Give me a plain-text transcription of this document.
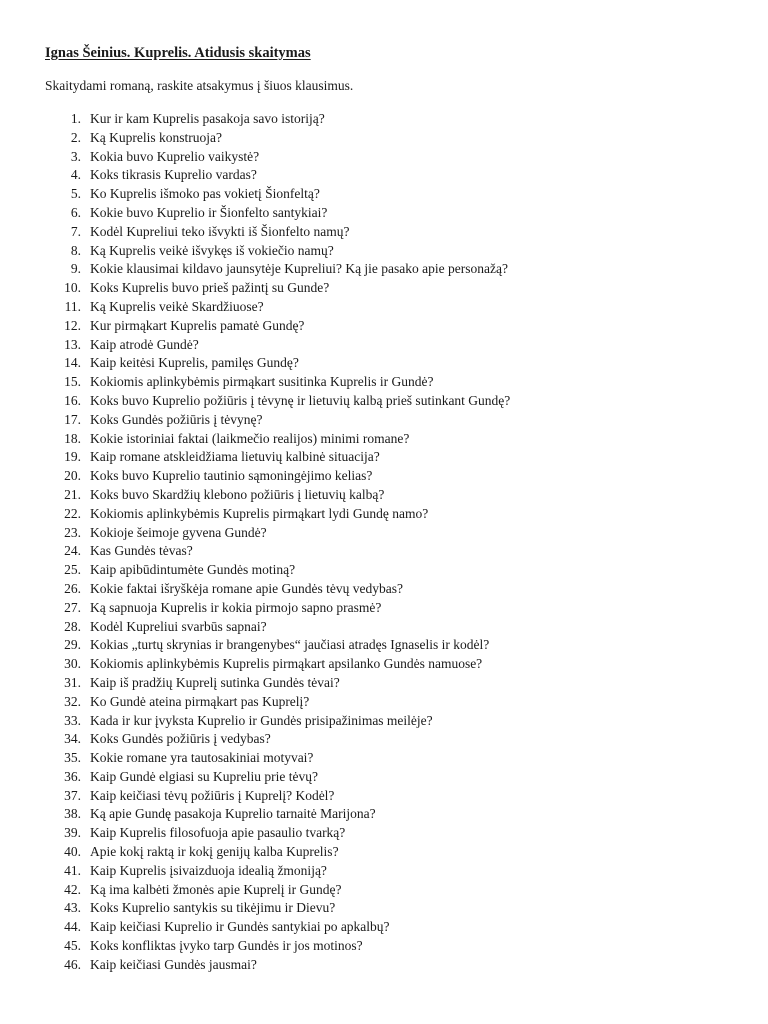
Ignas Šeinius. Kuprelis. Atidusis skaitymas
Skaitydami romaną, raskite atsakymus į šiuos klausimus.
1. Kur ir kam Kuprelis pasakoja savo istoriją?
2. Ką Kuprelis konstruoja?
3. Kokia buvo Kuprelio vaikystė?
4. Koks tikrasis Kuprelio vardas?
5. Ko Kuprelis išmoko pas vokietį Šionfeltą?
6. Kokie buvo Kuprelio ir Šionfelto santykiai?
7. Kodėl Kupreliui teko išvykti iš Šionfelto namų?
8. Ką Kuprelis veikė išvykęs iš vokiečio namų?
9. Kokie klausimai kildavo jaunsytėje Kupreliui? Ką jie pasako apie personažą?
10. Koks Kuprelis buvo prieš pažintį su Gunde?
11. Ką Kuprelis veikė Skardžiuose?
12. Kur pirmąkart Kuprelis pamatė Gundę?
13. Kaip atrodė Gundė?
14. Kaip keitėsi Kuprelis, pamilęs Gundę?
15. Kokiomis aplinkybėmis pirmąkart susitinka Kuprelis ir Gundė?
16. Koks buvo Kuprelio požiūris į tėvynę ir lietuvių kalbą prieš sutinkant Gundę?
17. Koks Gundės požiūris į tėvynę?
18. Kokie istoriniai faktai (laikmečio realijos) minimi romane?
19. Kaip romane atskleidžiama lietuvių kalbinė situacija?
20. Koks buvo Kuprelio tautinio sąmoningėjimo kelias?
21. Koks buvo Skardžių klebono požiūris į lietuvių kalbą?
22. Kokiomis aplinkybėmis Kuprelis pirmąkart lydi Gundę namo?
23. Kokioje šeimoje gyvena Gundė?
24. Kas Gundės tėvas?
25. Kaip apibūdintumėte Gundės motiną?
26. Kokie faktai išryškėja romane apie Gundės tėvų vedybas?
27. Ką sapnuoja Kuprelis ir kokia pirmojo sapno prasmė?
28. Kodėl Kupreliui svarbūs sapnai?
29. Kokias „turtų skrynias ir brangenybes“ jaučiasi atradęs Ignaselis ir kodėl?
30. Kokiomis aplinkybėmis Kuprelis pirmąkart apsilanko Gundės namuose?
31. Kaip iš pradžių Kuprelį sutinka Gundės tėvai?
32. Ko Gundė ateina pirmąkart pas Kuprelį?
33. Kada ir kur įvyksta Kuprelio ir Gundės prisipažinimas meilėje?
34. Koks Gundės požiūris į vedybas?
35. Kokie romane yra tautosakiniai motyvai?
36. Kaip Gundė elgiasi su Kupreliu prie tėvų?
37. Kaip keičiasi tėvų požiūris į Kuprelį? Kodėl?
38. Ką apie Gundę pasakoja Kuprelio tarnaitė Marijona?
39. Kaip Kuprelis filosofuoja apie pasaulio tvarką?
40. Apie kokį raktą ir kokį genijų kalba Kuprelis?
41. Kaip Kuprelis įsivaizduoja idealią žmoniją?
42. Ką ima kalbėti žmonės apie Kuprelį ir Gundę?
43. Koks Kuprelio santykis su tikėjimu ir Dievu?
44. Kaip keičiasi Kuprelio ir Gundės santykiai po apkalbų?
45. Koks konfliktas įvyko tarp Gundės ir jos motinos?
46. Kaip keičiasi Gundės jausmai?
